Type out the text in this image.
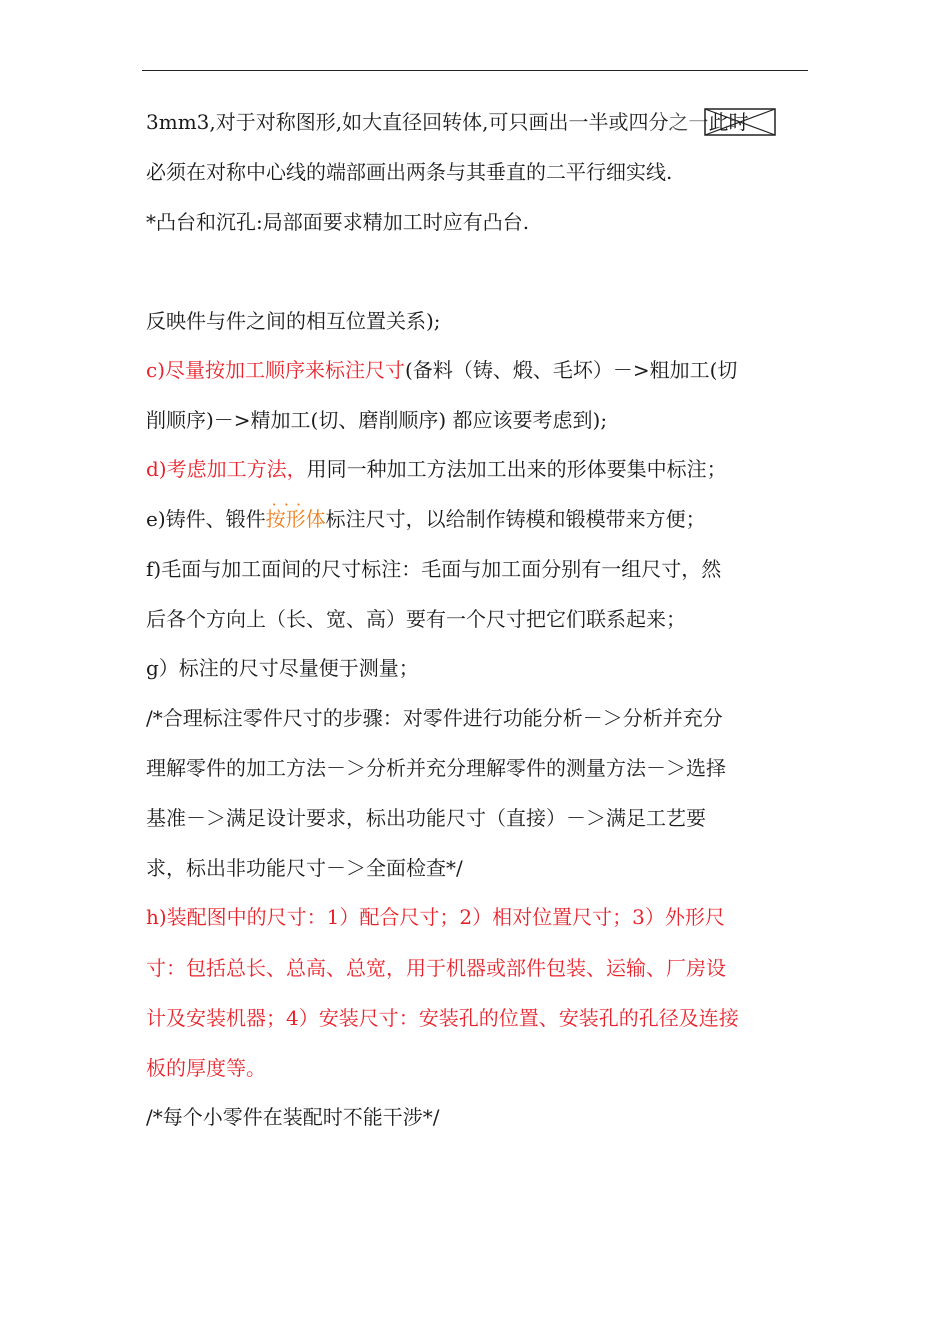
3mm3,对于对称图形,如大直径回转体,可只画出一半或四分之一此时
必须在对称中心线的端部画出两条与其垂直的二平行细实线.
*凸台和沉孔:局部面要求精加工时应有凸台.
反映件与件之间的相互位置关系);
c)尽量按加工顺序来标注尺寸(备料（铸、煅、毛坏）－>粗加工(切
削顺序)－>精加工(切、磨削顺序) 都应该要考虑到);
d)考虑加工方法，用同一种加工方法加工出来的形体要集中标注；
e)铸件、锻件· · · 按形体标注尺寸，以给制作铸模和锻模带来方便；
f)毛面与加工面间的尺寸标注：毛面与加工面分别有一组尺寸，然
后各个方向上（长、宽、高）要有一个尺寸把它们联系起来；
g）标注的尺寸尽量便于测量；
/*合理标注零件尺寸的步骤：对零件进行功能分析－＞分析并充分
理解零件的加工方法－＞分析并充分理解零件的测量方法－＞选择
基准－＞满足设计要求，标出功能尺寸（直接）－＞满足工艺要
求，标出非功能尺寸－＞全面检查*/
h)装配图中的尺寸：1）配合尺寸；2）相对位置尺寸；3）外形尺
寸：包括总长、总高、总宽，用于机器或部件包装、运输、厂房设
计及安装机器；4）安装尺寸：安装孔的位置、安装孔的孔径及连接
板的厚度等。
/*每个小零件在装配时不能干涉*/
